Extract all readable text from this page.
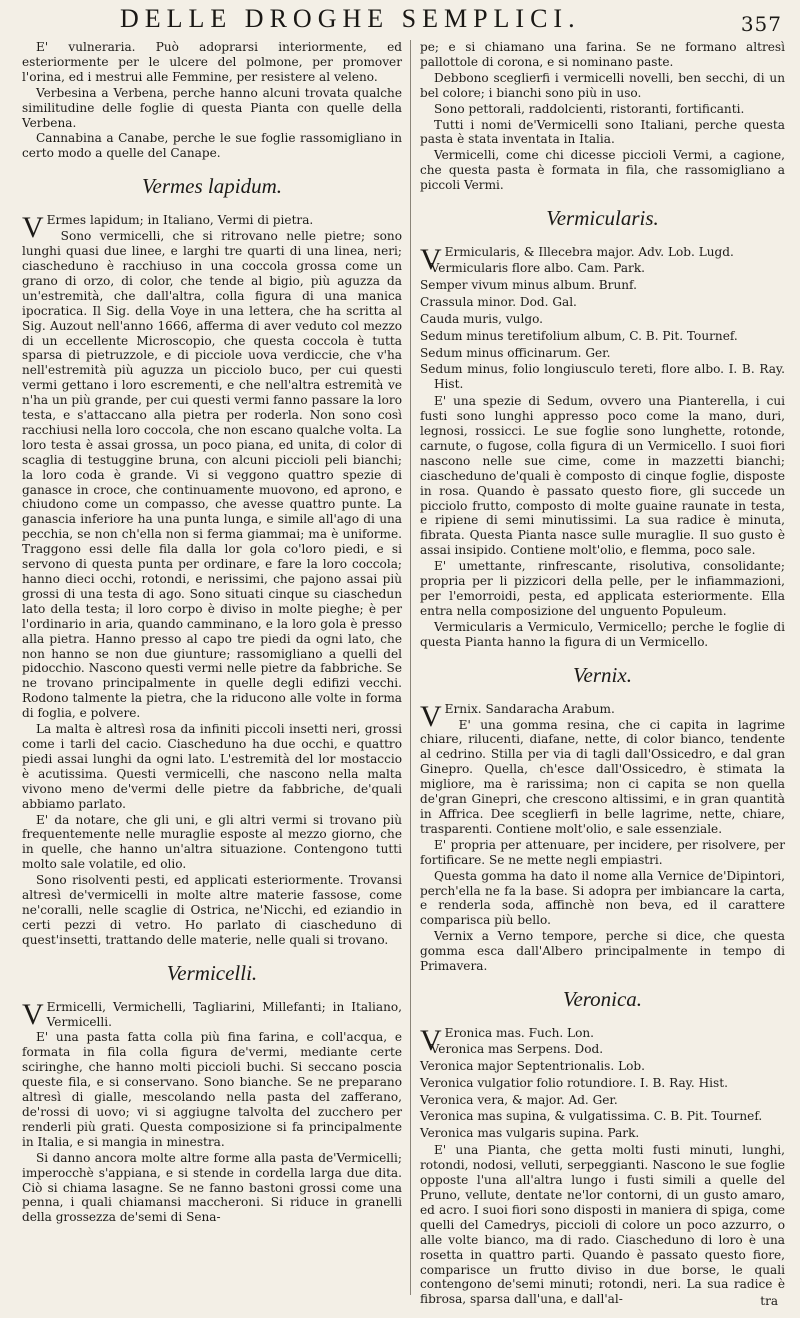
DELLE DROGHE SEMPLICI.	357

E' vulneraria. Può adoprarsi interiormente, ed esteriormente per le ulcere del polmone, per promover l'orina, ed i mestrui alle Femmine, per resistere al veleno.

Verbesina a Verbena, perche hanno alcuni trovata qualche similitudine delle foglie di questa Pianta con quelle della Verbena.

Cannabina a Canabe, perche le sue foglie rassomigliano in certo modo a quelle del Canape.

Vermes lapidum.

V Ermes lapidum; in Italiano, Vermi di pietra.

Sono vermicelli, che si ritrovano nelle pietre; sono lunghi quasi due linee, e larghi tre quarti di una linea, neri; ciascheduno è racchiuso in una coccola grossa come un grano di orzo, di color, che tende al bigio, più aguzza da un'estremità, che dall'altra, colla figura di una manica ipocratica. Il Sig. della Voye in una lettera, che ha scritta al Sig. Auzout nell'anno 1666, afferma di aver veduto col mezzo di un eccellente Microscopio, che questa coccola è tutta sparsa di pietruzzole, e di picciole uova verdiccie, che v'ha nell'estremità più aguzza un picciolo buco, per cui questi vermi gettano i loro escrementi, e che nell'altra estremità ve n'ha un più grande, per cui questi vermi fanno passare la loro testa, e s'attaccano alla pietra per roderla. Non sono così racchiusi nella loro coccola, che non escano qualche volta. La loro testa è assai grossa, un poco piana, ed unita, di color di scaglia di testuggine bruna, con alcuni piccioli peli bianchi; la loro coda è grande. Vi si veggono quattro spezie di ganasce in croce, che continuamente muovono, ed aprono, e chiudono come un compasso, che avesse quattro punte. La ganascia inferiore ha una punta lunga, e simile all'ago di una pecchia, se non ch'ella non si ferma giammai; ma è uniforme. Traggono essi delle fila dalla lor gola co'loro piedi, e si servono di questa punta per ordinare, e fare la loro coccola; hanno dieci occhi, rotondi, e nerissimi, che pajono assai più grossi di una testa di ago. Sono situati cinque su ciaschedun lato della testa; il loro corpo è diviso in molte pieghe; è per l'ordinario in aria, quando camminano, e la loro gola è presso alla pietra. Hanno presso al capo tre piedi da ogni lato, che non hanno se non due giunture; rassomigliano a quelli del pidocchio. Nascono questi vermi nelle pietre da fabbriche. Se ne trovano principalmente in quelle degli edifizi vecchi. Rodono talmente la pietra, che la riducono alle volte in forma di foglia, e polvere.

La malta è altresì rosa da infiniti piccoli insetti neri, grossi come i tarli del cacio. Ciascheduno ha due occhi, e quattro piedi assai lunghi da ogni lato. L'estremità del lor mostaccio è acutissima. Questi vermicelli, che nascono nella malta vivono meno de'vermi delle pietre da fabbriche, de'quali abbiamo parlato.

E' da notare, che gli uni, e gli altri vermi si trovano più frequentemente nelle muraglie esposte al mezzo giorno, che in quelle, che hanno un'altra situazione. Contengono tutti molto sale volatile, ed olio.

Sono risolventi pesti, ed applicati esteriormente. Trovansi altresì de'vermicelli in molte altre materie fassose, come ne'coralli, nelle scaglie di Ostrica, ne'Nicchi, ed eziandio in certi pezzi di vetro. Ho parlato di ciascheduno di quest'insetti, trattando delle materie, nelle quali si trovano.

Vermicelli.

V Ermicelli, Vermichelli, Tagliarini, Millefanti; in Italiano, Vermicelli.

E' una pasta fatta colla più fina farina, e coll'acqua, e formata in fila colla figura de'vermi, mediante certe sciringhe, che hanno molti piccioli buchi. Si seccano poscia queste fila, e si conservano. Sono bianche. Se ne preparano altresì di gialle, mescolando nella pasta del zafferano, de'rossi di uovo; vi si aggiugne talvolta del zucchero per renderli più grati. Questa composizione si fa principalmente in Italia, e si mangia in minestra.

Si danno ancora molte altre forme alla pasta de'Vermicelli; imperocchè s'appiana, e si stende in cordella larga due dita. Ciò si chiama lasagne. Se ne fanno bastoni grossi come una penna, i quali chiamansi maccheroni. Si riduce in granelli della grossezza de'semi di Sena-

pe; e si chiamano una farina. Se ne formano altresì pallottole di corona, e si nominano paste.

Debbono sceglierfi i vermicelli novelli, ben secchi, di un bel colore; i bianchi sono più in uso.

Sono pettorali, raddolcienti, ristoranti, fortificanti.

Tutti i nomi de'Vermicelli sono Italiani, perche questa pasta è stata inventata in Italia.

Vermicelli, come chi dicesse piccioli Vermi, a cagione, che questa pasta è formata in fila, che rassomigliano a piccoli Vermi.

Vermicularis.

V Ermicularis, & Illecebra major. Adv. Lob. Lugd.

Vermicularis flore albo. Cam. Park.

Semper vivum minus album. Brunf.

Crassula minor. Dod. Gal.

Cauda muris, vulgo.

Sedum minus teretifolium album, C. B. Pit. Tournef.

Sedum minus officinarum. Ger.

Sedum minus, folio longiusculo tereti, flore albo. I. B. Ray. Hist.

E' una spezie di Sedum, ovvero una Pianterella, i cui fusti sono lunghi appresso poco come la mano, duri, legnosi, rossicci. Le sue foglie sono lunghette, rotonde, carnute, o fugose, colla figura di un Vermicello. I suoi fiori nascono nelle sue cime, come in mazzetti bianchi; ciascheduno de'quali è composto di cinque foglie, disposte in rosa. Quando è passato questo fiore, gli succede un picciolo frutto, composto di molte guaine raunate in testa, e ripiene di semi minutissimi. La sua radice è minuta, fibrata. Questa Pianta nasce sulle muraglie. Il suo gusto è assai insipido. Contiene molt'olio, e flemma, poco sale.

E' umettante, rinfrescante, risolutiva, consolidante; propria per li pizzicori della pelle, per le infiammazioni, per l'emorroidi, pesta, ed applicata esteriormente. Ella entra nella composizione del unguento Populeum.

Vermicularis a Vermiculo, Vermicello; perche le foglie di questa Pianta hanno la figura di un Vermicello.

Vernix.

V Ernix. Sandaracha Arabum.

E' una gomma resina, che ci capita in lagrime chiare, rilucenti, diafane, nette, di color bianco, tendente al cedrino. Stilla per via di tagli dall'Ossicedro, e dal gran Ginepro. Quella, ch'esce dall'Ossicedro, è stimata la migliore, ma è rarissima; non ci capita se non quella de'gran Ginepri, che crescono altissimi, e in gran quantità in Affrica. Dee sceglierfi in belle lagrime, nette, chiare, trasparenti. Contiene molt'olio, e sale essenziale.

E' propria per attenuare, per incidere, per risolvere, per fortificare. Se ne mette negli empiastri.

Questa gomma ha dato il nome alla Vernice de'Dipintori, perch'ella ne fa la base. Si adopra per imbiancare la carta, e renderla soda, affinchè non beva, ed il carattere comparisca più bello.

Vernix a Verno tempore, perche si dice, che questa gomma esca dall'Albero principalmente in tempo di Primavera.

Veronica.

V Eronica mas. Fuch. Lon.

Veronica mas Serpens. Dod.

Veronica major Septentrionalis. Lob.

Veronica vulgatior folio rotundiore. I. B. Ray. Hist.

Veronica vera, & major. Ad. Ger.

Veronica mas supina, & vulgatissima. C. B. Pit. Tournef.

Veronica mas vulgaris supina. Park.

E' una Pianta, che getta molti fusti minuti, lunghi, rotondi, nodosi, velluti, serpeggianti. Nascono le sue foglie opposte l'una all'altra lungo i fusti simili a quelle del Pruno, vellute, dentate ne'lor contorni, di un gusto amaro, ed acro. I suoi fiori sono disposti in maniera di spiga, come quelli del Camedrys, piccioli di colore un poco azzurro, o alle volte bianco, ma di rado. Ciascheduno di loro è una rosetta in quattro parti. Quando è passato questo fiore, comparisce un frutto diviso in due borse, le quali contengono de'semi minuti; rotondi, neri. La sua radice è fibrosa, sparsa dall'una, e dall'al-	tra
